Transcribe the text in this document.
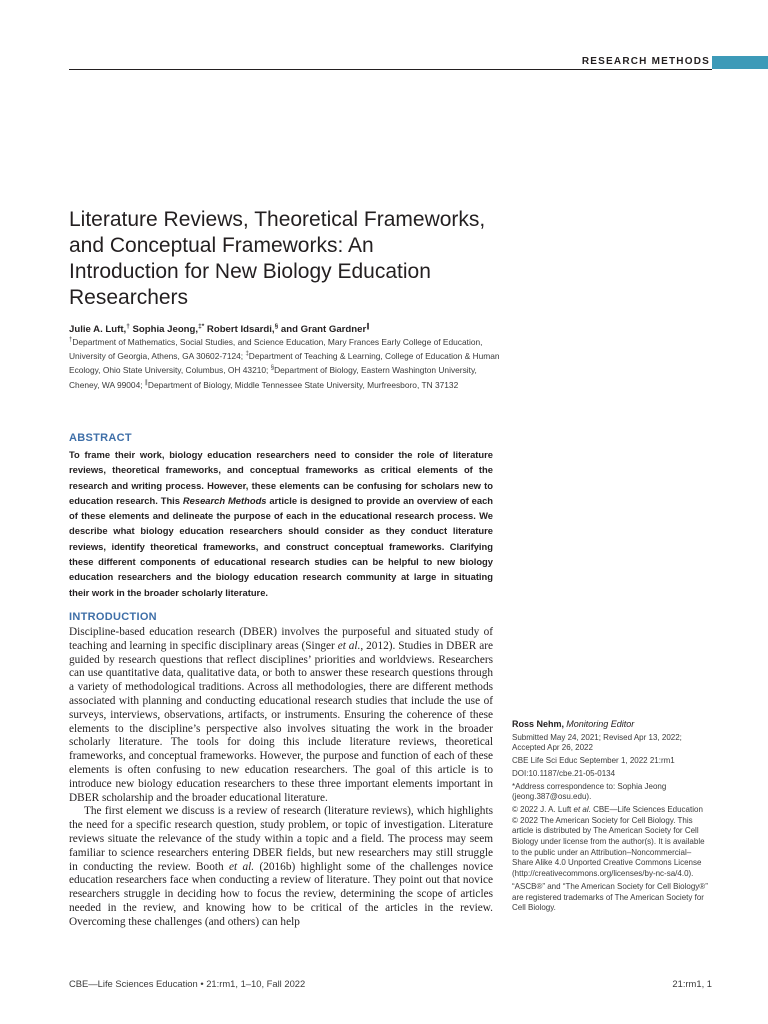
RESEARCH METHODS
Literature Reviews, Theoretical Frameworks, and Conceptual Frameworks: An Introduction for New Biology Education Researchers
Julie A. Luft,† Sophia Jeong,‡* Robert Idsardi,§ and Grant Gardner∥
†Department of Mathematics, Social Studies, and Science Education, Mary Frances Early College of Education, University of Georgia, Athens, GA 30602-7124; ‡Department of Teaching & Learning, College of Education & Human Ecology, Ohio State University, Columbus, OH 43210; §Department of Biology, Eastern Washington University, Cheney, WA 99004; ∥Department of Biology, Middle Tennessee State University, Murfreesboro, TN 37132
ABSTRACT

To frame their work, biology education researchers need to consider the role of literature reviews, theoretical frameworks, and conceptual frameworks as critical elements of the research and writing process. However, these elements can be confusing for scholars new to education research. This Research Methods article is designed to provide an overview of each of these elements and delineate the purpose of each in the educational research process. We describe what biology education researchers should consider as they conduct literature reviews, identify theoretical frameworks, and construct conceptual frameworks. Clarifying these different components of educational research studies can be helpful to new biology education researchers and the biology education research community at large in situating their work in the broader scholarly literature.

INTRODUCTION

Discipline-based education research (DBER) involves the purposeful and situated study of teaching and learning in specific disciplinary areas (Singer et al., 2012). Studies in DBER are guided by research questions that reflect disciplines’ priorities and worldviews. Researchers can use quantitative data, qualitative data, or both to answer these research questions through a variety of methodological traditions. Across all methodologies, there are different methods associated with planning and conducting educational research studies that include the use of surveys, interviews, observations, artifacts, or instruments. Ensuring the coherence of these elements to the discipline’s perspective also involves situating the work in the broader scholarly literature. The tools for doing this include literature reviews, theoretical frameworks, and conceptual frameworks. However, the purpose and function of each of these elements is often confusing to new education researchers. The goal of this article is to introduce new biology education researchers to these three important elements important in DBER scholarship and the broader educational literature.

The first element we discuss is a review of research (literature reviews), which highlights the need for a specific research question, study problem, or topic of investigation. Literature reviews situate the relevance of the study within a topic and a field. The process may seem familiar to science researchers entering DBER fields, but new researchers may still struggle in conducting the review. Booth et al. (2016b) highlight some of the challenges novice education researchers face when conducting a review of literature. They point out that novice researchers struggle in deciding how to focus the review, determining the scope of articles needed in the review, and knowing how to be critical of the articles in the review. Overcoming these challenges (and others) can help

Ross Nehm, Monitoring Editor

Submitted May 24, 2021; Revised Apr 13, 2022; Accepted Apr 26, 2022

CBE Life Sci Educ September 1, 2022 21:rm1

DOI:10.1187/cbe.21-05-0134

*Address correspondence to: Sophia Jeong (jeong.387@osu.edu).

© 2022 J. A. Luft et al. CBE—Life Sciences Education © 2022 The American Society for Cell Biology. This article is distributed by The American Society for Cell Biology under license from the author(s). It is available to the public under an Attribution–Noncommercial–Share Alike 4.0 Unported Creative Commons License (http://creativecommons.org/licenses/by-nc-sa/4.0).

“ASCB®” and “The American Society for Cell Biology®” are registered trademarks of The American Society for Cell Biology.

CBE—Life Sciences Education • 21:rm1, 1–10, Fall 2022	21:rm1, 1
